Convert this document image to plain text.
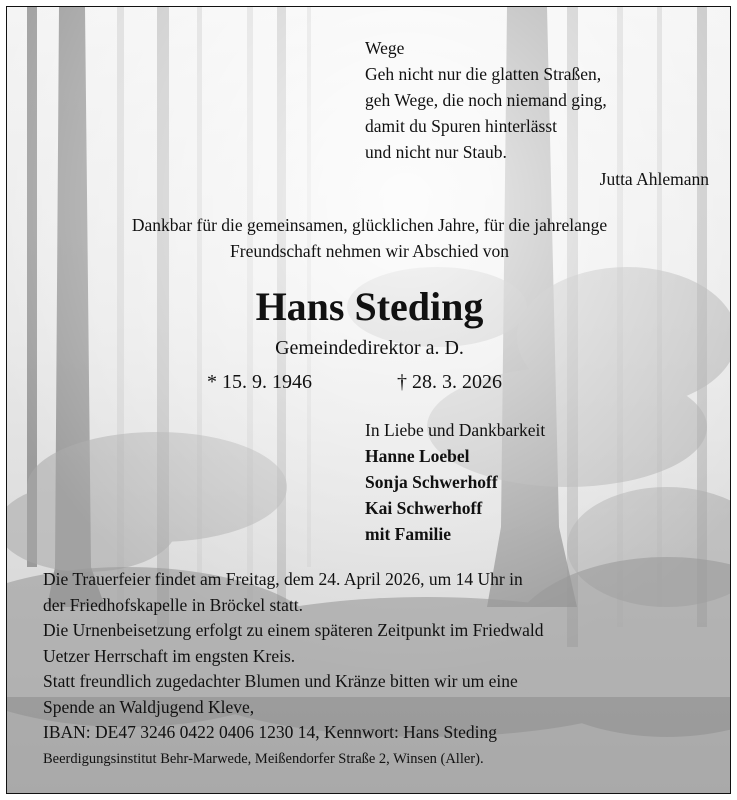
Wege
Geh nicht nur die glatten Straßen,
geh Wege, die noch niemand ging,
damit du Spuren hinterlässt
und nicht nur Staub.
Jutta Ahlemann
Dankbar für die gemeinsamen, glücklichen Jahre, für die jahrelange
Freundschaft nehmen wir Abschied von
Hans Steding
Gemeindedirektor a. D.
* 15. 9. 1946	† 28. 3. 2026
In Liebe und Dankbarkeit
Hanne Loebel
Sonja Schwerhoff
Kai Schwerhoff
mit Familie
Die Trauerfeier findet am Freitag, dem 24. April 2026, um 14 Uhr in
der Friedhofskapelle in Bröckel statt.
Die Urnenbeisetzung erfolgt zu einem späteren Zeitpunkt im Friedwald
Uetzer Herrschaft im engsten Kreis.
Statt freundlich zugedachter Blumen und Kränze bitten wir um eine
Spende an Waldjugend Kleve,
IBAN: DE47 3246 0422 0406 1230 14, Kennwort: Hans Steding
Beerdigungsinstitut Behr-Marwede, Meißendorfer Straße 2, Winsen (Aller).
